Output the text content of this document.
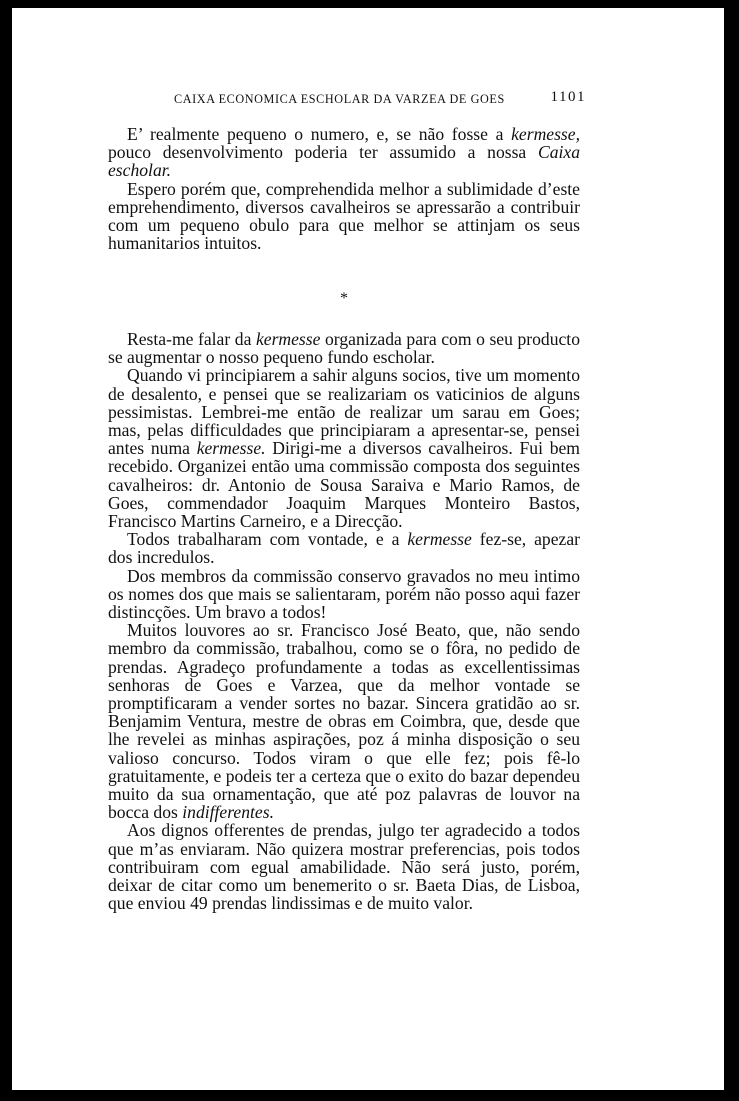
CAIXA ECONOMICA ESCHOLAR DA VARZEA DE GOES	1101

E’ realmente pequeno o numero, e, se não fosse a kermesse, pouco desenvolvimento poderia ter assumido a nossa Caixa escholar.

Espero porém que, comprehendida melhor a sublimidade d’este emprehendimento, diversos cavalheiros se apressarão a contribuir com um pequeno obulo para que melhor se attinjam os seus humanitarios intuitos.

*

Resta-me falar da kermesse organizada para com o seu producto se augmentar o nosso pequeno fundo escholar.

Quando vi principiarem a sahir alguns socios, tive um momento de desalento, e pensei que se realizariam os vaticinios de alguns pessimistas. Lembrei-me então de realizar um sarau em Goes; mas, pelas difficuldades que principiaram a apresentar-se, pensei antes numa kermesse. Dirigi-me a diversos cavalheiros. Fui bem recebido. Organizei então uma commissão composta dos seguintes cavalheiros: dr. Antonio de Sousa Saraiva e Mario Ramos, de Goes, commendador Joaquim Marques Monteiro Bastos, Francisco Martins Carneiro, e a Direcção.

Todos trabalharam com vontade, e a kermesse fez-se, apezar dos incredulos.

Dos membros da commissão conservo gravados no meu intimo os nomes dos que mais se salientaram, porém não posso aqui fazer distincções. Um bravo a todos!

Muitos louvores ao sr. Francisco José Beato, que, não sendo membro da commissão, trabalhou, como se o fôra, no pedido de prendas. Agradeço profundamente a todas as excellentissimas senhoras de Goes e Varzea, que da melhor vontade se promptificaram a vender sortes no bazar. Sincera gratidão ao sr. Benjamim Ventura, mestre de obras em Coimbra, que, desde que lhe revelei as minhas aspirações, poz á minha disposição o seu valioso concurso. Todos viram o que elle fez; pois fê-lo gratuitamente, e podeis ter a certeza que o exito do bazar dependeu muito da sua ornamentação, que até poz palavras de louvor na bocca dos indifferentes.

Aos dignos offerentes de prendas, julgo ter agradecido a todos que m’as enviaram. Não quizera mostrar preferencias, pois todos contribuiram com egual amabilidade. Não será justo, porém, deixar de citar como um benemerito o sr. Baeta Dias, de Lisboa, que enviou 49 prendas lindissimas e de muito valor.
